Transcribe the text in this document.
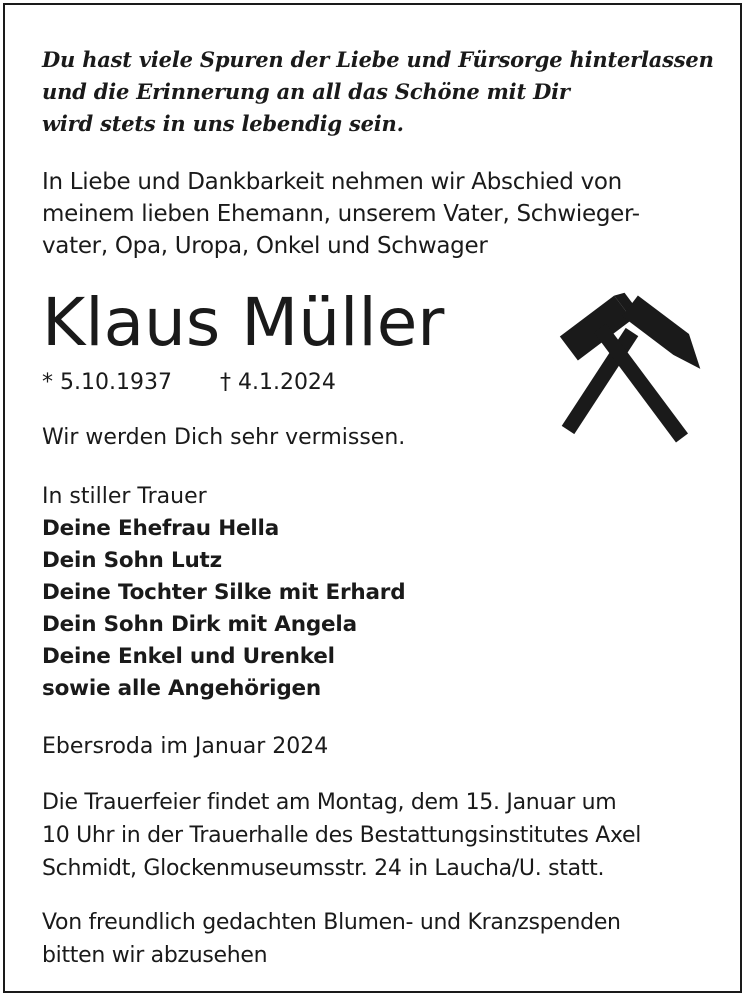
Du hast viele Spuren der Liebe und Fürsorge hinterlassen
und die Erinnerung an all das Schöne mit Dir
wird stets in uns lebendig sein.
In Liebe und Dankbarkeit nehmen wir Abschied von
meinem lieben Ehemann, unserem Vater, Schwieger-
vater, Opa, Uropa, Onkel und Schwager
Klaus Müller
* 5.10.1937 † 4.1.2024
Wir werden Dich sehr vermissen.
In stiller Trauer
Deine Ehefrau Hella
Dein Sohn Lutz
Deine Tochter Silke mit Erhard
Dein Sohn Dirk mit Angela
Deine Enkel und Urenkel
sowie alle Angehörigen
Ebersroda im Januar 2024
Die Trauerfeier findet am Montag, dem 15. Januar um
10 Uhr in der Trauerhalle des Bestattungsinstitutes Axel
Schmidt, Glockenmuseumsstr. 24 in Laucha/U. statt.
Von freundlich gedachten Blumen- und Kranzspenden
bitten wir abzusehen
